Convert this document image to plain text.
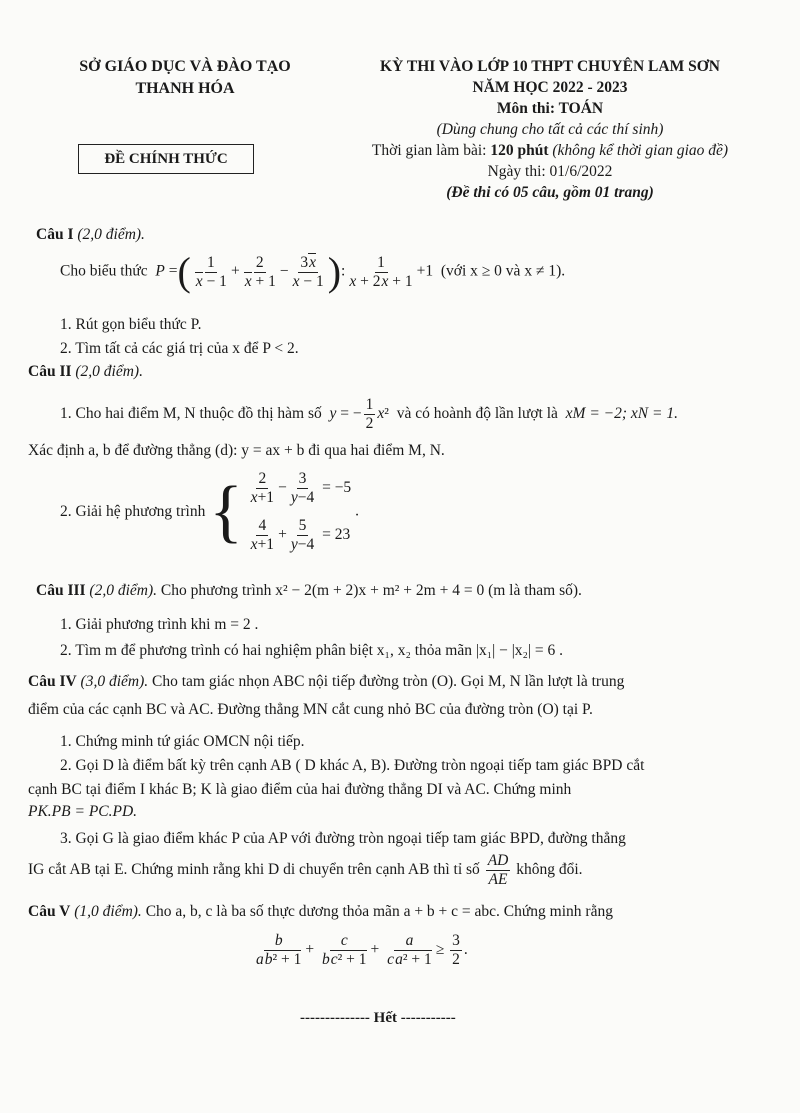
SỞ GIÁO DỤC VÀ ĐÀO TẠO
THANH HÓA
ĐỀ CHÍNH THỨC
KỲ THI VÀO LỚP 10 THPT CHUYÊN LAM SƠN
NĂM HỌC 2022 - 2023
Môn thi: TOÁN
(Dùng chung cho tất cả các thí sinh)
Thời gian làm bài: 120 phút (không kể thời gian giao đề)
Ngày thi: 01/6/2022
(Đề thi có 05 câu, gồm 01 trang)
Câu I (2,0 điểm).
Cho biểu thức  P =( $\frac{1}{x - 1} + \frac{2}{x + 1} - \frac{3x}{x - 1}$ ): $\frac{1}{x + 2x + 1} +1$  (với x ≥ 0 và x ≠ 1).
1. Rút gọn biểu thức P.
2. Tìm tất cả các giá trị của x để P < 2.
Câu II (2,0 điểm).
1. Cho hai điểm M, N thuộc đồ thị hàm số y = − $\frac{1}{2} x^2$  và có hoành độ lần lượt là xM = −2; xN = 1.
Xác định a, b để đường thẳng (d): y = ax + b đi qua hai điểm M, N.
2. Giải hệ phương trình { $\frac{2}{x+1} - \frac{3}{y-4} = -5$
$\frac{4}{x+1} + \frac{5}{y-4} = 23$
.
Câu III (2,0 điểm). Cho phương trình x² − 2(m + 2)x + m² + 2m + 4 = 0 (m là tham số).
1. Giải phương trình khi m = 2 .
2. Tìm m để phương trình có hai nghiệm phân biệt x₁, x₂ thỏa mãn |x₁| − |x₂| = 6 .
Câu IV (3,0 điểm). Cho tam giác nhọn ABC nội tiếp đường tròn (O). Gọi M, N lần lượt là trung
điểm của các cạnh BC và AC. Đường thẳng MN cắt cung nhỏ BC của đường tròn (O) tại P.
1. Chứng minh tứ giác OMCN nội tiếp.
2. Gọi D là điểm bất kỳ trên cạnh AB ( D khác A, B). Đường tròn ngoại tiếp tam giác BPD cắt
cạnh BC tại điểm I khác B; K là giao điểm của hai đường thẳng DI và AC. Chứng minh
PK.PB = PC.PD.
3. Gọi G là giao điểm khác P của AP với đường tròn ngoại tiếp tam giác BPD, đường thẳng
IG cắt AB tại E. Chứng minh rằng khi D di chuyển trên cạnh AB thì tỉ số $\frac{AD}{AE}$ không đổi.
Câu V (1,0 điểm). Cho a, b, c là ba số thực dương thỏa mãn a + b + c = abc. Chứng minh rằng
$\frac{b}{\text{ab² + 1}} + \frac{c}{\text{bc² + 1}} + \frac{a}{\text{ca² + 1}} \ge \frac{3}{2}$ .
-------------- Hết -----------
